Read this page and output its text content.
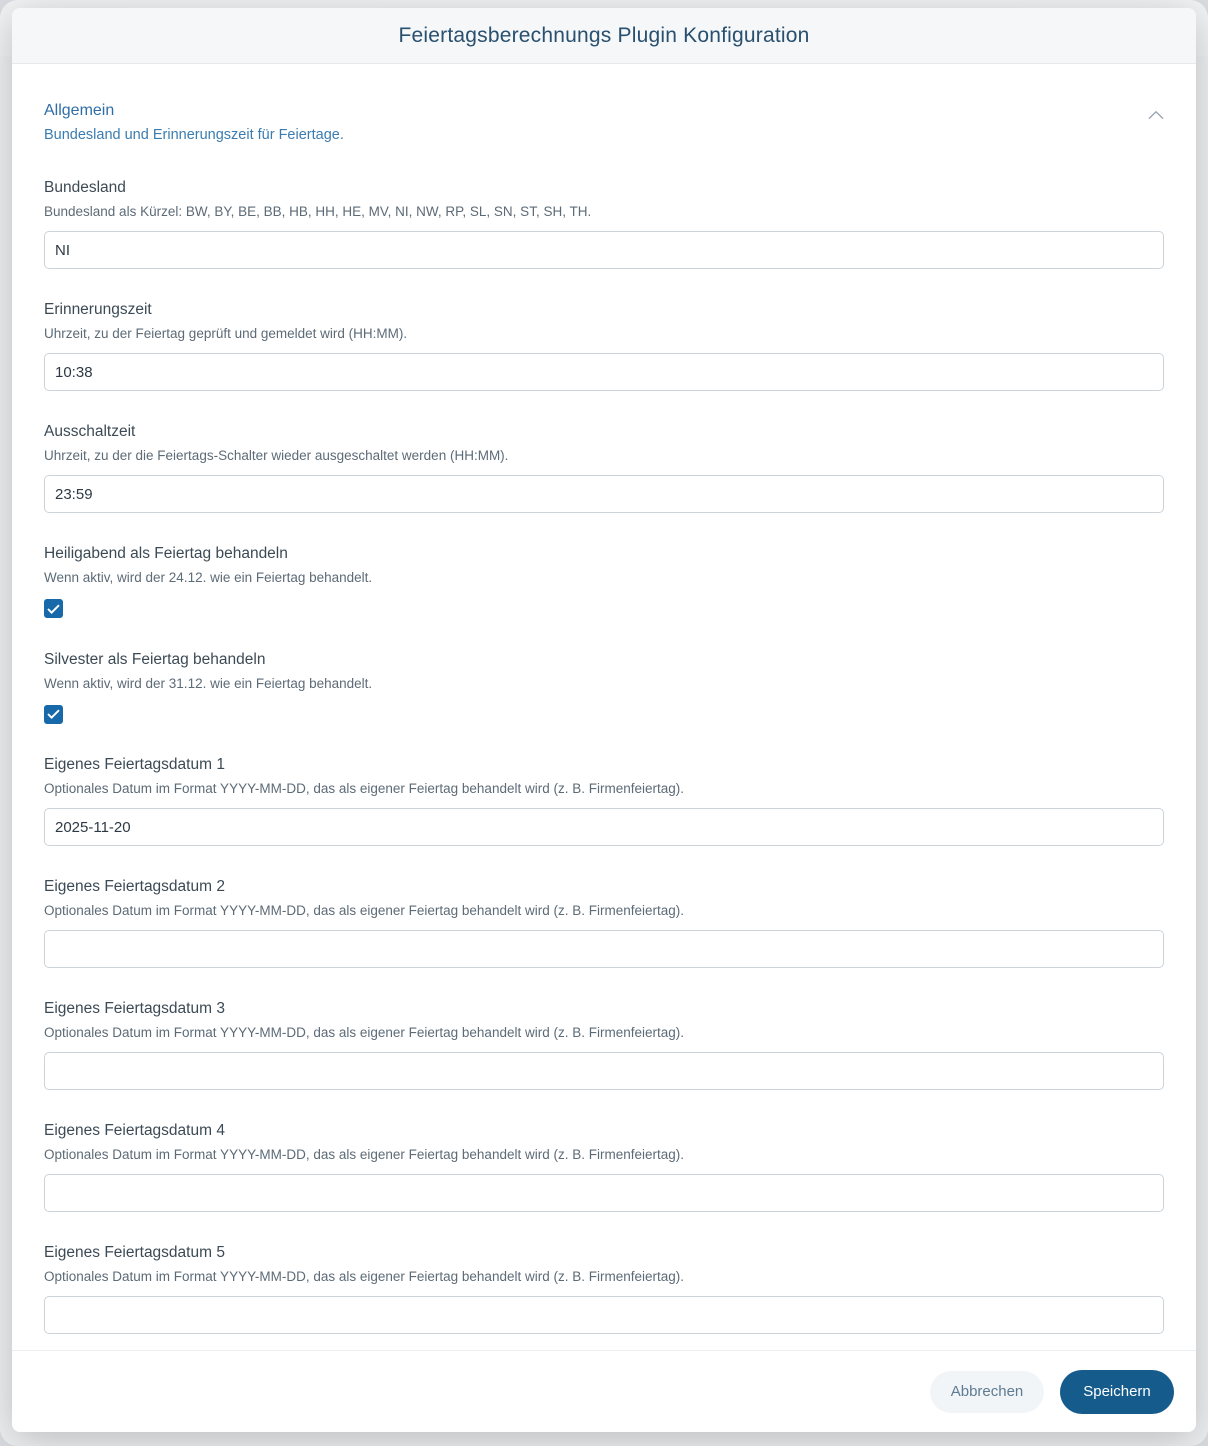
Feiertagsberechnungs Plugin Konfiguration
Allgemein
Bundesland und Erinnerungszeit für Feiertage.
Bundesland
Bundesland als Kürzel: BW, BY, BE, BB, HB, HH, HE, MV, NI, NW, RP, SL, SN, ST, SH, TH.
NI
Erinnerungszeit
Uhrzeit, zu der Feiertag geprüft und gemeldet wird (HH:MM).
10:38
Ausschaltzeit
Uhrzeit, zu der die Feiertags-Schalter wieder ausgeschaltet werden (HH:MM).
23:59
Heiligabend als Feiertag behandeln
Wenn aktiv, wird der 24.12. wie ein Feiertag behandelt.
Silvester als Feiertag behandeln
Wenn aktiv, wird der 31.12. wie ein Feiertag behandelt.
Eigenes Feiertagsdatum 1
Optionales Datum im Format YYYY-MM-DD, das als eigener Feiertag behandelt wird (z. B. Firmenfeiertag).
2025-11-20
Eigenes Feiertagsdatum 2
Optionales Datum im Format YYYY-MM-DD, das als eigener Feiertag behandelt wird (z. B. Firmenfeiertag).
Eigenes Feiertagsdatum 3
Optionales Datum im Format YYYY-MM-DD, das als eigener Feiertag behandelt wird (z. B. Firmenfeiertag).
Eigenes Feiertagsdatum 4
Optionales Datum im Format YYYY-MM-DD, das als eigener Feiertag behandelt wird (z. B. Firmenfeiertag).
Eigenes Feiertagsdatum 5
Optionales Datum im Format YYYY-MM-DD, das als eigener Feiertag behandelt wird (z. B. Firmenfeiertag).
Abbrechen	Speichern
